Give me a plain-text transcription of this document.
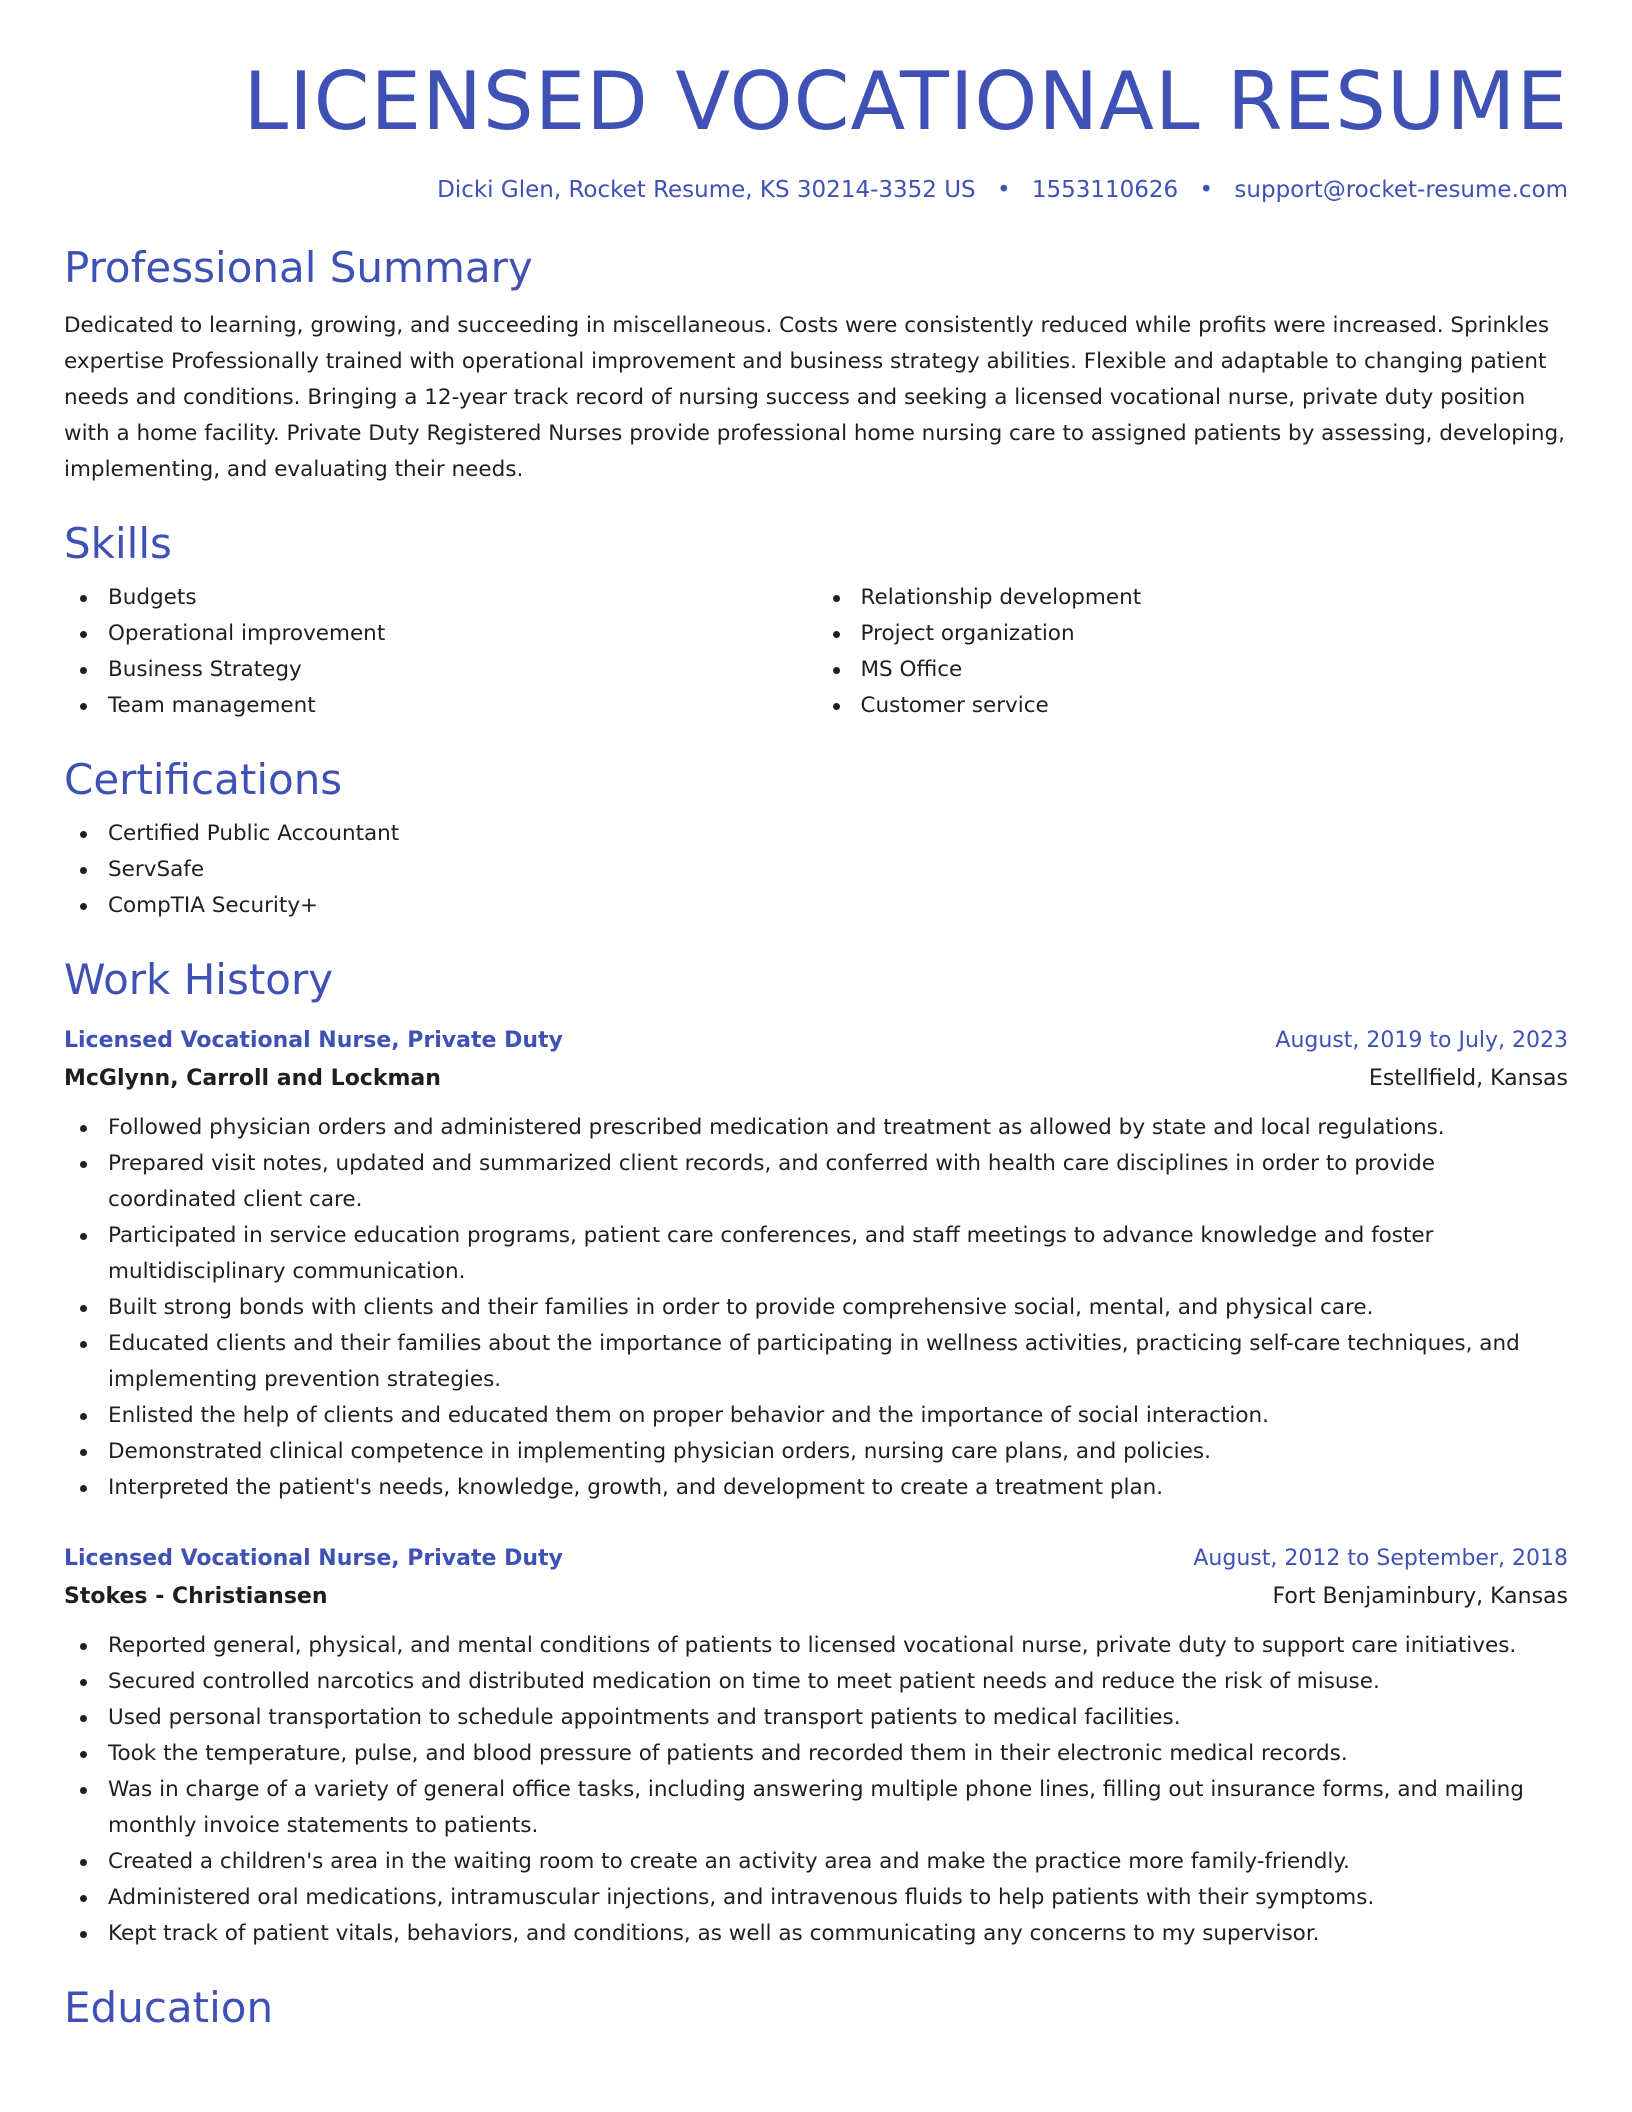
LICENSED VOCATIONAL RESUME
Dicki Glen, Rocket Resume, KS 30214-3352 US • 1553110626 • support@rocket-resume.com
Professional Summary

Dedicated to learning, growing, and succeeding in miscellaneous. Costs were consistently reduced while profits were increased. Sprinkles expertise Professionally trained with operational improvement and business strategy abilities. Flexible and adaptable to changing patient needs and conditions. Bringing a 12-year track record of nursing success and seeking a licensed vocational nurse, private duty position with a home facility. Private Duty Registered Nurses provide professional home nursing care to assigned patients by assessing, developing, implementing, and evaluating their needs.

Skills
Budgets
Operational improvement
Business Strategy
Team management
Relationship development
Project organization
MS Office
Customer service
Certifications
Certified Public Accountant
ServSafe
CompTIA Security+
Work History
Licensed Vocational Nurse, Private Duty	August, 2019 to July, 2023
McGlynn, Carroll and Lockman	Estellfield, Kansas
Followed physician orders and administered prescribed medication and treatment as allowed by state and local regulations.
Prepared visit notes, updated and summarized client records, and conferred with health care disciplines in order to provide coordinated client care.
Participated in service education programs, patient care conferences, and staff meetings to advance knowledge and foster multidisciplinary communication.
Built strong bonds with clients and their families in order to provide comprehensive social, mental, and physical care.
Educated clients and their families about the importance of participating in wellness activities, practicing self-care techniques, and implementing prevention strategies.
Enlisted the help of clients and educated them on proper behavior and the importance of social interaction.
Demonstrated clinical competence in implementing physician orders, nursing care plans, and policies.
Interpreted the patient's needs, knowledge, growth, and development to create a treatment plan.
Licensed Vocational Nurse, Private Duty	August, 2012 to September, 2018
Stokes - Christiansen	Fort Benjaminbury, Kansas
Reported general, physical, and mental conditions of patients to licensed vocational nurse, private duty to support care initiatives.
Secured controlled narcotics and distributed medication on time to meet patient needs and reduce the risk of misuse.
Used personal transportation to schedule appointments and transport patients to medical facilities.
Took the temperature, pulse, and blood pressure of patients and recorded them in their electronic medical records.
Was in charge of a variety of general office tasks, including answering multiple phone lines, filling out insurance forms, and mailing monthly invoice statements to patients.
Created a children's area in the waiting room to create an activity area and make the practice more family-friendly.
Administered oral medications, intramuscular injections, and intravenous fluids to help patients with their symptoms.
Kept track of patient vitals, behaviors, and conditions, as well as communicating any concerns to my supervisor.
Education
